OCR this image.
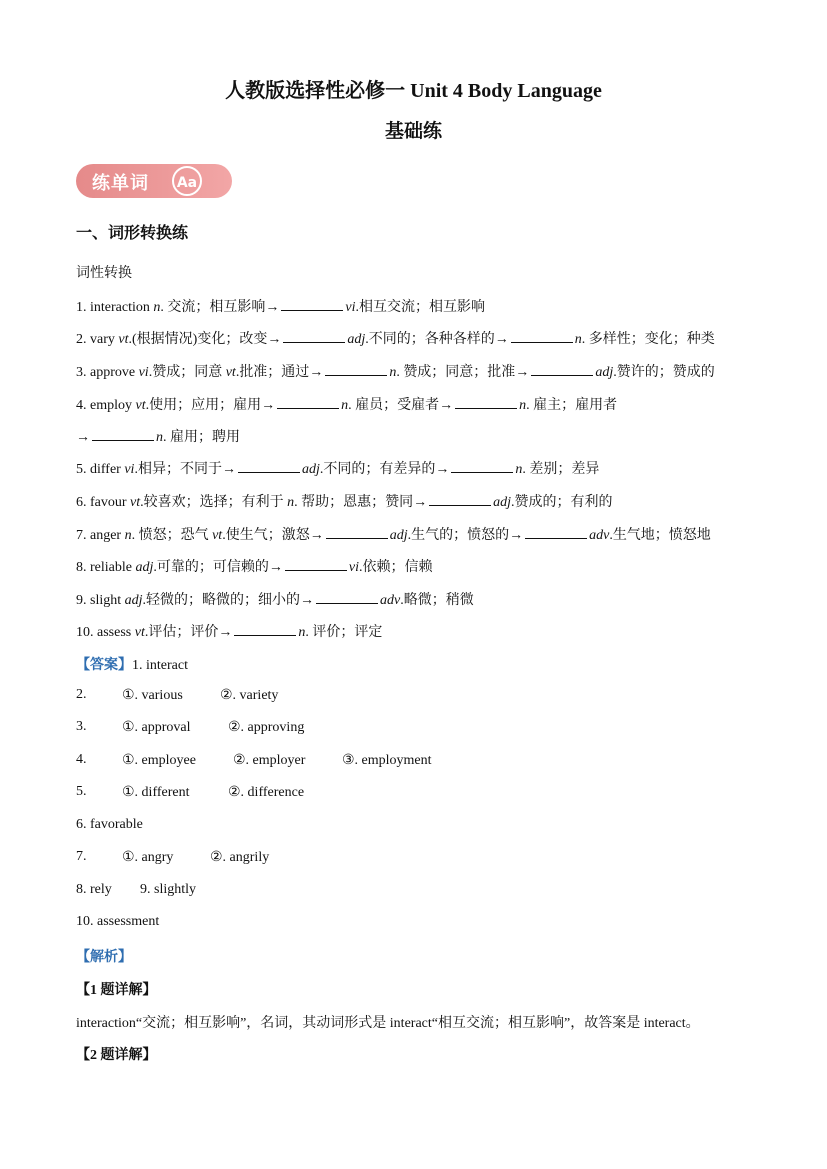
人教版选择性必修一 Unit 4 Body Language
基础练
练单词	Aa
一、词形转换练
词性转换
1. interaction n. 交流；相互影响→	vi.相互交流；相互影响
2. vary vt.(根据情况)变化；改变→	adj.不同的；各种各样的→	n. 多样性；变化；种类
3. approve vi.赞成；同意 vt.批准；通过→	n. 赞成；同意；批准→	adj.赞许的；赞成的
4. employ vt.使用；应用；雇用→	n. 雇员；受雇者→	n. 雇主；雇用者
→	n. 雇用；聘用
5. differ vi.相异；不同于→	adj.不同的；有差异的→	n. 差别；差异
6. favour vt.较喜欢；选择；有利于 n. 帮助；恩惠；赞同→	adj.赞成的；有利的
7. anger n. 愤怒；恐气 vt.使生气；激怒→	adj.生气的；愤怒的→	adv.生气地；愤怒地
8. reliable adj.可靠的；可信赖的→	vi.依赖；信赖
9. slight adj.轻微的；略微的；细小的→	adv.略微；稍微
10. assess vt.评估；评价→	n. 评价；评定
【答案】1. interact
2.	①. various	②. variety
3.	①. approval	②. approving
4.	①. employee	②. employer	③. employment
5.	①. different	②. difference
6. favorable
7.	①. angry	②. angrily
8. rely 9. slightly
10. assessment
【解析】
【1 题详解】
interaction“交流；相互影响”，名词，其动词形式是 interact“相互交流；相互影响”，故答案是 interact。
【2 题详解】
